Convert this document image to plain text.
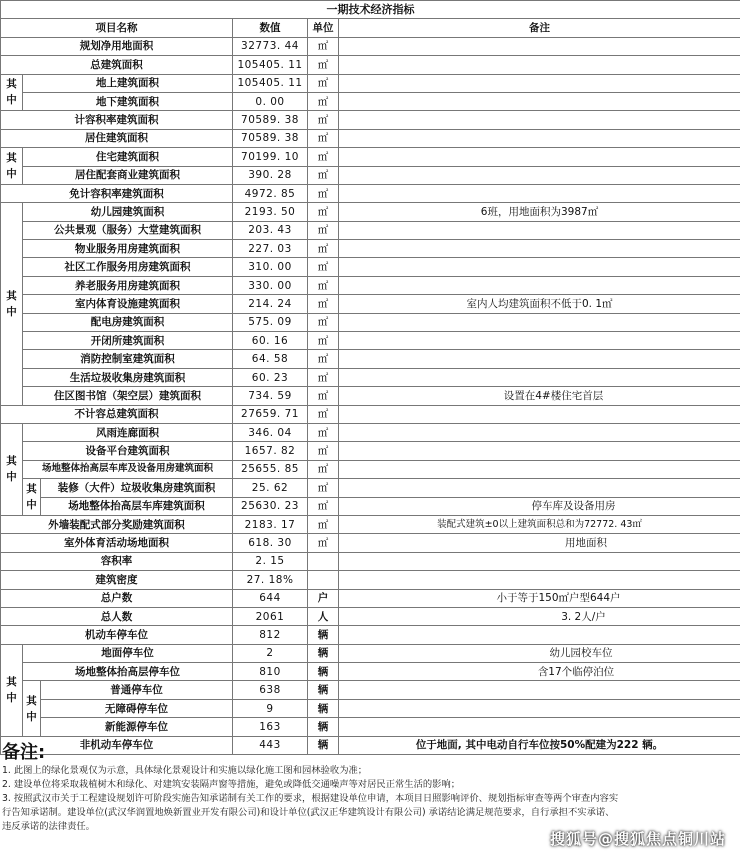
一期技术经济指标					
项目名称			数值	单位	备注
规划净用地面积			32773. 44	㎡	
总建筑面积			105405. 11	㎡	
其
中	地上建筑面积		105405. 11	㎡	
	地下建筑面积		0. 00	㎡	
计容积率建筑面积			70589. 38	㎡	
居住建筑面积			70589. 38	㎡	
其
中	住宅建筑面积		70199. 10	㎡	
	居住配套商业建筑面积		390. 28	㎡	
免计容积率建筑面积			4972. 85	㎡	
其
中	幼儿园建筑面积		2193. 50	㎡	6班，用地面积为3987㎡
	公共景观（服务）大堂建筑面积		203. 43	㎡	
	物业服务用房建筑面积		227. 03	㎡	
	社区工作服务用房建筑面积		310. 00	㎡	
	养老服务用房建筑面积		330. 00	㎡	
	室内体育设施建筑面积		214. 24	㎡	室内人均建筑面积不低于0. 1㎡
	配电房建筑面积		575. 09	㎡	
	开闭所建筑面积		60. 16	㎡	
	消防控制室建筑面积		64. 58	㎡	
	生活垃圾收集房建筑面积		60. 23	㎡	
	住区图书馆（架空层）建筑面积		734. 59	㎡	设置在4#楼住宅首层
不计容总建筑面积			27659. 71	㎡	
其
中	风雨连廊面积		346. 04	㎡	
	设备平台建筑面积		1657. 82	㎡	
	场地整体抬高层车库及设备用房建筑面积		25655. 85	㎡	
	其
中	装修（大件）垃圾收集房建筑面积	25. 62	㎡	
		场地整体抬高层车库建筑面积	25630. 23	㎡	停车库及设备用房
外墙装配式部分奖励建筑面积			2183. 17	㎡	装配式建筑±0以上建筑面积总和为72772. 43㎡
室外体育活动场地面积			618. 30	㎡	用地面积
容积率			2. 15		
建筑密度			27. 18%		
总户数			644	户	小于等于150㎡户型644户
总人数			2061	人	3. 2人/户
机动车停车位			812	辆	
其
中	地面停车位		2	辆	幼儿园校车位
	场地整体抬高层停车位		810	辆	含17个临停泊位
	其
中	普通停车位	638	辆	
		无障碍停车位	9	辆	
		新能源停车位	163	辆	
非机动车停车位			443	辆	位于地面, 其中电动自行车位按50%配建为222 辆。

备注:

1. 此图上的绿化景观仅为示意，具体绿化景观设计和实施以绿化施工图和园林验收为准；

2. 建设单位将采取栽植树木和绿化、对建筑安装隔声窗等措施，避免或降低交通噪声等对居民正常生活的影响；

3. 按照武汉市关于工程建设规划许可阶段实施告知承诺制有关工作的要求，根据建设单位申请，本项目日照影响评价、规划指标审查等两个审查内容实

行告知承诺制。建设单位(武汉华润置地焕新置业开发有限公司)和设计单位(武汉正华建筑设计有限公司) 承诺结论满足规范要求，自行承担不实承诺、

违反承诺的法律责任。

搜狐号@搜狐焦点铜川站
